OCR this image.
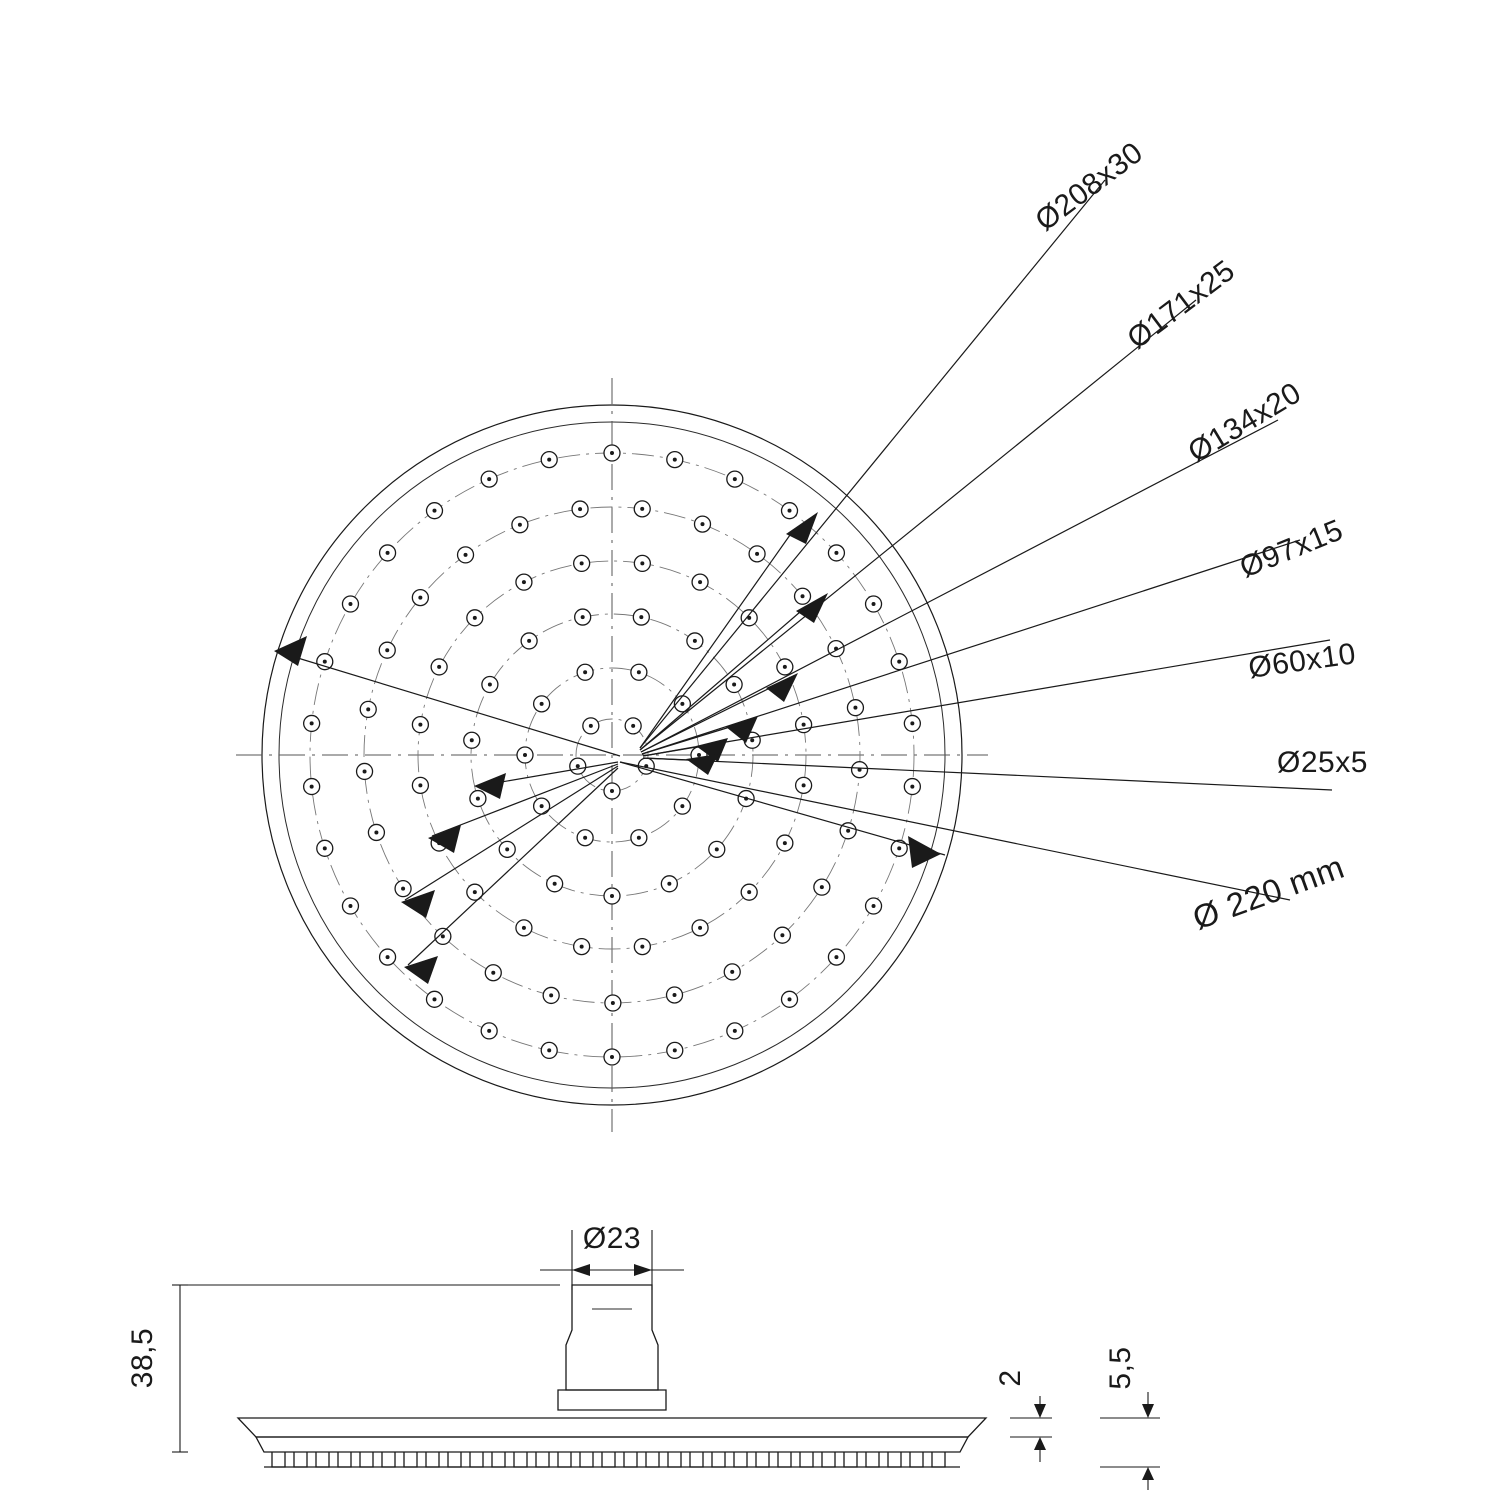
Ø208x30
Ø171x25
Ø134x20
Ø97x15
Ø60x10
Ø25x5
Ø 220 mm
38,5
Ø23
2	5,5
